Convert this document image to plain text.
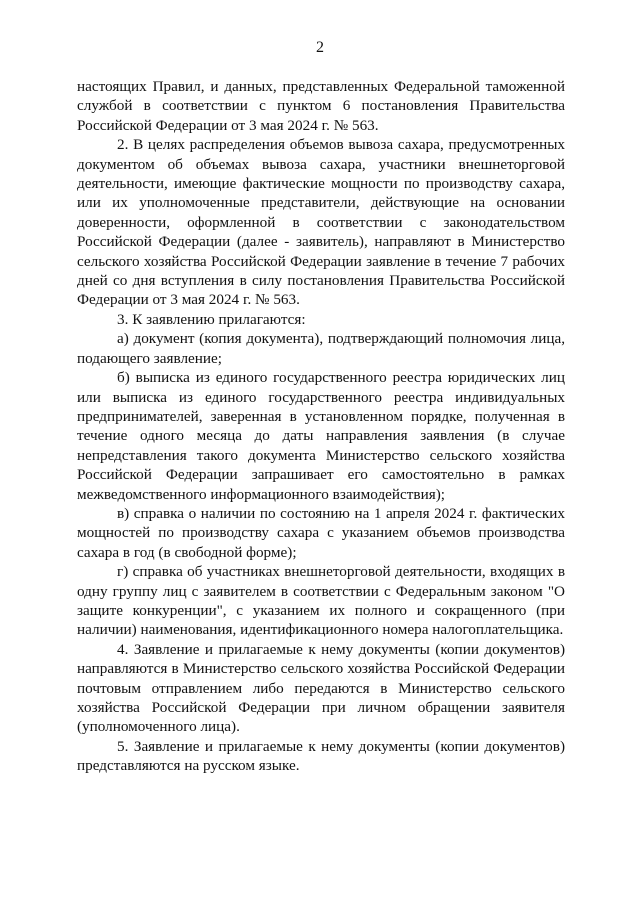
2

настоящих Правил, и данных, представленных Федеральной таможенной службой в соответствии с пунктом 6 постановления Правительства Российской Федерации от 3 мая 2024 г. № 563.

2. В целях распределения объемов вывоза сахара, предусмотренных документом об объемах вывоза сахара, участники внешнеторговой деятельности, имеющие фактические мощности по производству сахара, или их уполномоченные представители, действующие на основании доверенности, оформленной в соответствии с законодательством Российской Федерации (далее - заявитель), направляют в Министерство сельского хозяйства Российской Федерации заявление в течение 7 рабочих дней со дня вступления в силу постановления Правительства Российской Федерации от 3 мая 2024 г. № 563.

3. К заявлению прилагаются:

а) документ (копия документа), подтверждающий полномочия лица, подающего заявление;

б) выписка из единого государственного реестра юридических лиц или выписка из единого государственного реестра индивидуальных предпринимателей, заверенная в установленном порядке, полученная в течение одного месяца до даты направления заявления (в случае непредставления такого документа Министерство сельского хозяйства Российской Федерации запрашивает его самостоятельно в рамках межведомственного информационного взаимодействия);

в) справка о наличии по состоянию на 1 апреля 2024 г. фактических мощностей по производству сахара с указанием объемов производства сахара в год (в свободной форме);

г) справка об участниках внешнеторговой деятельности, входящих в одну группу лиц с заявителем в соответствии с Федеральным законом "О защите конкуренции", с указанием их полного и сокращенного (при наличии) наименования, идентификационного номера налогоплательщика.

4. Заявление и прилагаемые к нему документы (копии документов) направляются в Министерство сельского хозяйства Российской Федерации почтовым отправлением либо передаются в Министерство сельского хозяйства Российской Федерации при личном обращении заявителя (уполномоченного лица).

5. Заявление и прилагаемые к нему документы (копии документов) представляются на русском языке.
